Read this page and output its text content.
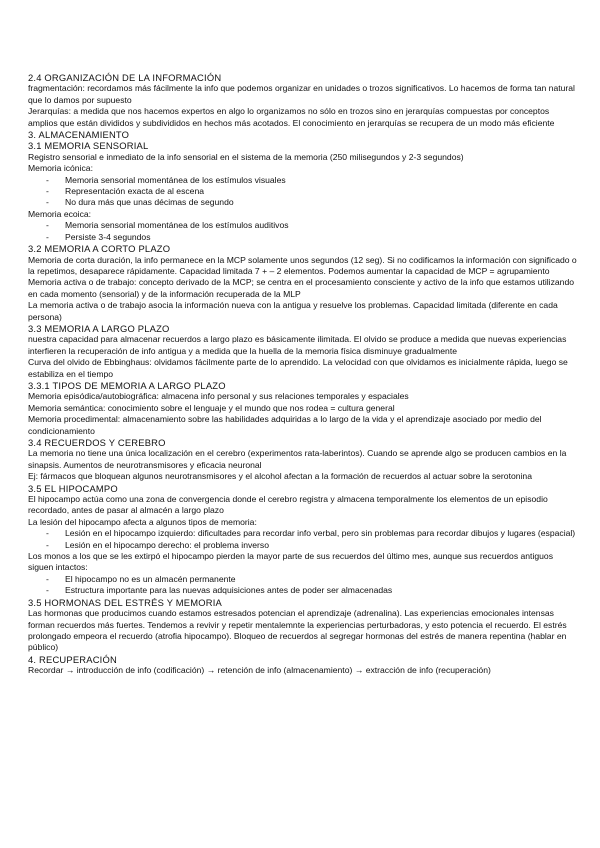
2.4 ORGANIZACIÓN DE LA INFORMACIÓN
fragmentación: recordamos más fácilmente la info que podemos organizar en unidades o trozos significativos. Lo hacemos de forma tan natural que lo damos por supuesto
Jerarquías: a medida que nos hacemos expertos en algo lo organizamos no sólo en trozos sino en jerarquías compuestas por conceptos amplios que están divididos y subdivididos en hechos más acotados. El conocimiento en jerarquías se recupera de un modo más eficiente
3. ALMACENAMIENTO
3.1 MEMORIA SENSORIAL
Registro sensorial e inmediato de la info sensorial en el sistema de la memoria (250 milisegundos y 2-3 segundos)
Memoria icónica:
- Memoria sensorial momentánea de los estímulos visuales
- Representación exacta de al escena
- No dura más que unas décimas de segundo
Memoria ecoica:
- Memoria sensorial momentánea de los estímulos auditivos
- Persiste 3-4 segundos
3.2 MEMORIA A CORTO PLAZO
Memoria de corta duración, la info permanece en la MCP solamente unos segundos (12 seg). Si no codificamos la información con significado o la repetimos, desaparece rápidamente. Capacidad limitada 7 + – 2 elementos. Podemos aumentar la capacidad de MCP = agrupamiento
Memoria activa o de trabajo: concepto derivado de la MCP; se centra en el procesamiento consciente y activo de la info que estamos utilizando en cada momento (sensorial) y de la información recuperada de la MLP
La memoria activa o de trabajo asocia la información nueva con la antigua y resuelve los problemas. Capacidad limitada (diferente en cada persona)
3.3 MEMORIA A LARGO PLAZO
nuestra capacidad para almacenar recuerdos a largo plazo es básicamente ilimitada. El olvido se produce a medida que nuevas experiencias interfieren la recuperación de info antigua y a medida que la huella de la memoria física disminuye gradualmente
Curva del olvido de Ebbinghaus: olvidamos fácilmente parte de lo aprendido. La velocidad con que olvidamos es inicialmente rápida, luego se estabiliza en el tiempo
3.3.1 TIPOS DE MEMORIA A LARGO PLAZO
Memoria episódica/autobiográfica: almacena info personal y sus relaciones temporales y espaciales
Memoria semántica: conocimiento sobre el lenguaje y el mundo que nos rodea = cultura general
Memoria procedimental: almacenamiento sobre las habilidades adquiridas a lo largo de la vida y el aprendizaje asociado por medio del condicionamiento
3.4 RECUERDOS Y CEREBRO
La memoria no tiene una única localización en el cerebro (experimentos rata-laberintos). Cuando se aprende algo se producen cambios en la sinapsis. Aumentos de neurotransmisores y eficacia neuronal
Ej: fármacos que bloquean algunos neurotransmisores y el alcohol afectan a la formación de recuerdos al actuar sobre la serotonina
3.5 EL HIPOCAMPO
El hipocampo actúa como una zona de convergencia donde el cerebro registra y almacena temporalmente los elementos de un episodio recordado, antes de pasar al almacén a largo plazo
La lesión del hipocampo afecta a algunos tipos de memoria:
- Lesión en el hipocampo izquierdo: dificultades para recordar info verbal, pero sin problemas para recordar dibujos y lugares (espacial)
- Lesión en el hipocampo derecho: el problema inverso
Los monos a los que se les extirpó el hipocampo pierden la mayor parte de sus recuerdos del último mes, aunque sus recuerdos antiguos siguen intactos:
- El hipocampo no es un almacén permanente
- Estructura importante para las nuevas adquisiciones antes de poder ser almacenadas
3.5 HORMONAS DEL ESTRÉS Y MEMORIA
Las hormonas que producimos cuando estamos estresados potencian el aprendizaje (adrenalina). Las experiencias emocionales intensas forman recuerdos más fuertes. Tendemos a revivir y repetir mentalemnte la experiencias perturbadoras, y esto potencia el recuerdo. El estrés prolongado empeora el recuerdo (atrofia hipocampo). Bloqueo de recuerdos al segregar hormonas del estrés de manera repentina (hablar en público)
4. RECUPERACIÓN
Recordar → introducción de info (codificación) → retención de info (almacenamiento) → extracción de info (recuperación)
